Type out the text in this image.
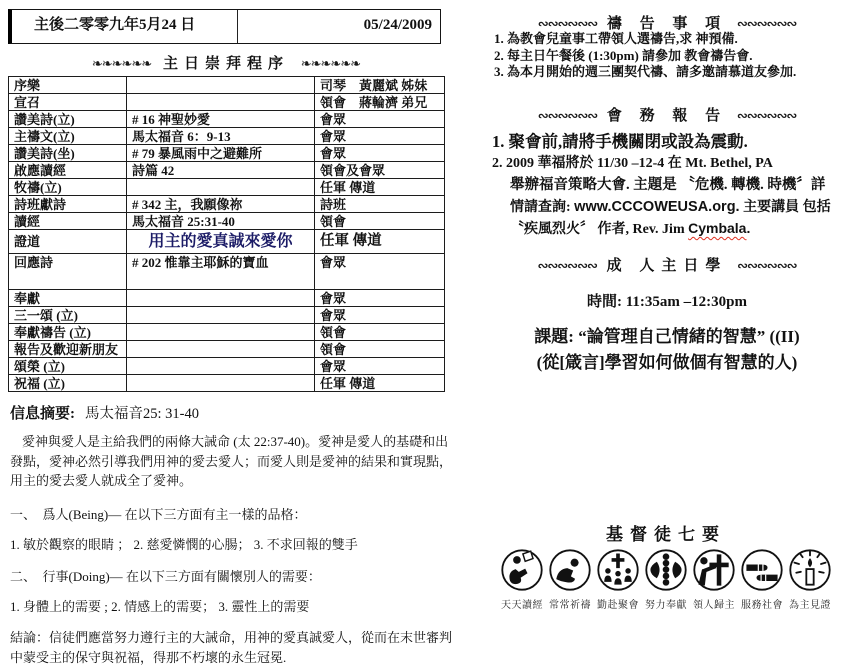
主後二零零九年5月24 日	05/24/2009
❧❧❧❧❧❧ 主日崇拜程序 ❧❧❧❧❧❧
序樂		司琴　黃麗斌 姊妹
宣召		領會　蔣輪濟 弟兄
讚美詩(立)	# 16 神聖妙愛	會眾
主禱文(立)	馬太福音 6：9-13	會眾
讚美詩(坐)	# 79 暴風雨中之避難所	會眾
啟應讀經	詩篇 42	領會及會眾
牧禱(立)		任軍 傳道
詩班獻詩	# 342 主，我願像祢	詩班
讀經	馬太福音 25:31-40	領會
證道	用主的愛真誠來愛你	任軍 傳道
回應詩	# 202 惟靠主耶穌的寶血	會眾
奉獻		會眾
三一頌 (立)		會眾
奉獻禱告 (立)		領會
報告及歡迎新朋友		領會
頌榮 (立)		會眾
祝福 (立)		任軍 傳道
信息摘要: 馬太福音25: 31-40
愛神與愛人是主給我們的兩條大誡命 (太 22:37-40)。愛神是愛人的基礎和出發點，愛神必然引導我們用神的愛去愛人；而愛人則是愛神的結果和實現點，用主的愛去愛人就成全了愛神。
一、　爲人(Being)— 在以下三方面有主一樣的品格：
1. 敏於觀察的眼睛 ； 2. 慈愛憐憫的心腸； 3. 不求回報的雙手
二、　行事(Doing)— 在以下三方面有關懷別人的需要：
1. 身體上的需要 ; 2. 情感上的需要； 3. 靈性上的需要
結論：信徒們應當努力遵行主的大誡命，用神的愛真誠愛人，從而在末世審判中蒙受主的保守與祝福，得那不朽壞的永生冠冕.
∾∾∾∾∾∾ 禱 告 事 項 ∾∾∾∾∾∾
1. 為教會兒童事工帶領人選禱告,求 神預備.
2. 每主日午餐後 (1:30pm) 請參加 教會禱告會.
3. 為本月開始的週三團契代禱、請多邀請慕道友參加.
∾∾∾∾∾∾ 會 務 報 告 ∾∾∾∾∾∾
1. 聚會前,請將手機關閉或設為震動.
2. 2009 華福將於 11/30 –12-4 在 Mt. Bethel, PA
舉辦福音策略大會. 主題是 〝危機. 轉機. 時機〞詳
情請查詢: www.CCCOWEUSA.org. 主要講員 包括
〝疾風烈火〞 作者, Rev. Jim Cymbala.
∾∾∾∾∾∾ 成 人主日學 ∾∾∾∾∾∾
時間: 11:35am –12:30pm
課題: “論管理自己情緒的智慧” ((II)
(從[箴言]學習如何做個有智慧的人)
基督徒七要
天天讀經 常常祈禱 勤赴聚會 努力奉獻 領人歸主 服務社會 為主見證
